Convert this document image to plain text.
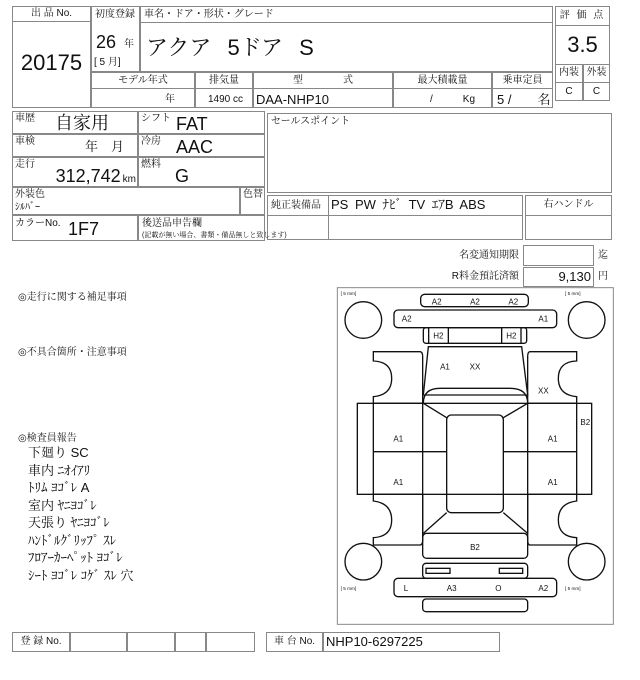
出 品 No.
20175
初度登録
26 年
[ 5 月]
車名・ドア・形状・グレード
アクア 5ドア S
モデル年式	排気量	型　　　　式	最大積載量	乗車定員
年	1490 cc DAA-NHP10	/　　　Kg 5 /　　名
評 価 点
3.5
内装 外装
C	C
車歴 自家用	シフト FAT
車検	年　月 冷房 AAC
走行
312,742 km
燃料
G
セールスポイント
外装色
ｼﾙﾊﾞｰ
色替
純正装備品 PS PW ﾅﾋﾞ TV ｴｱB ABS	右ハンドル
カラーNo. 1F7	後送品申告欄
(記載が無い場合、書類・備品無しと致します)
名変通知期限	迄
R料金預託済額	9,130 円
◎走行に関する補足事項
◎不具合箇所・注意事項
◎検査員報告
下廻り SC
車内 ﾆｵｲｱﾘ
ﾄﾘﾑ ﾖｺﾞﾚ A
室内 ﾔﾆﾖｺﾞﾚ
天張り ﾔﾆﾖｺﾞﾚ
ﾊﾝﾄﾞﾙｸﾞﾘｯﾌﾟ ｽﾚ
ﾌﾛｱｰｶｰﾍﾟｯﾄ ﾖｺﾞﾚ
ｼｰﾄ ﾖｺﾞﾚ ｺｹﾞ ｽﾚ 穴
[ 5 mm]	[ 5 mm]
[ 5 mm]	[ 5 mm]
A2 A2 A2
A2	A1
H2	H2
A1 XX
XX
B2
A1	A1
A1	A1
B2
L A3 O A2
登 録 No.	車 台 No. NHP10-6297225
